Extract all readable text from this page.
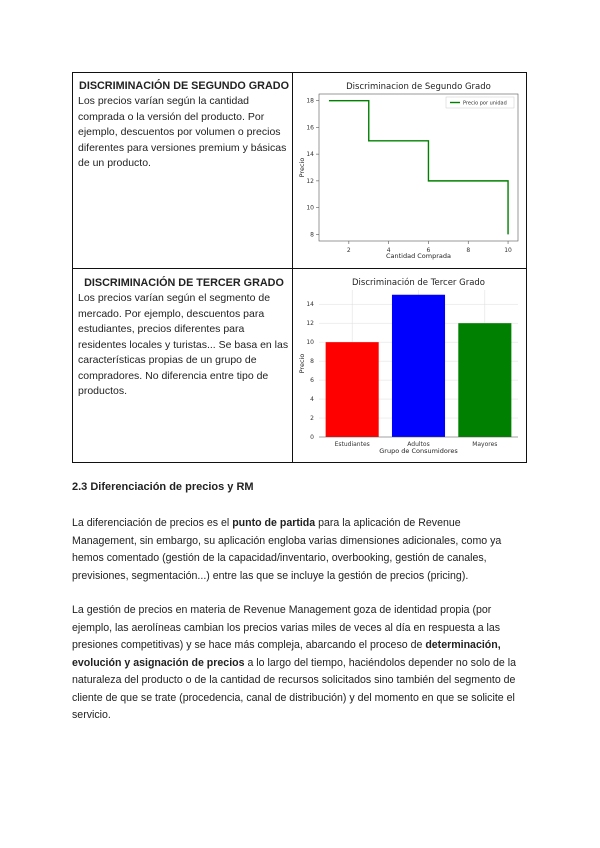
DISCRIMINACIÓN DE SEGUNDO GRADO

Los precios varían según la cantidad comprada o la versión del producto. Por ejemplo, descuentos por volumen o precios diferentes para versiones premium y básicas de un producto.

DISCRIMINACIÓN DE TERCER GRADO

Los precios varían según el segmento de mercado. Por ejemplo, descuentos para estudiantes, precios diferentes para residentes locales y turistas... Se basa en las características propias de un grupo de compradores. No diferencia entre tipo de productos.

Discriminacion de Segundo Grado
2	4	6	8	10
8
10
12
14
16
18
Cantidad Comprada
Precio
Precio por unidad
Discriminación de Tercer Grado
0
2
4
6
8
10
12
14
Estudiantes	Adultos	Mayores
Grupo de Consumidores
Precio
2.3 Diferenciación de precios y RM

La diferenciación de precios es el punto de partida para la aplicación de Revenue Management, sin embargo, su aplicación engloba varias dimensiones adicionales, como ya hemos comentado (gestión de la capacidad/inventario, overbooking, gestión de canales, previsiones, segmentación...) entre las que se incluye la gestión de precios (pricing).

La gestión de precios en materia de Revenue Management goza de identidad propia (por ejemplo, las aerolíneas cambian los precios varias miles de veces al día en respuesta a las presiones competitivas) y se hace más compleja, abarcando el proceso de determinación, evolución y asignación de precios a lo largo del tiempo, haciéndolos depender no solo de la naturaleza del producto o de la cantidad de recursos solicitados sino también del segmento de cliente de que se trate (procedencia, canal de distribución) y del momento en que se solicite el servicio.
